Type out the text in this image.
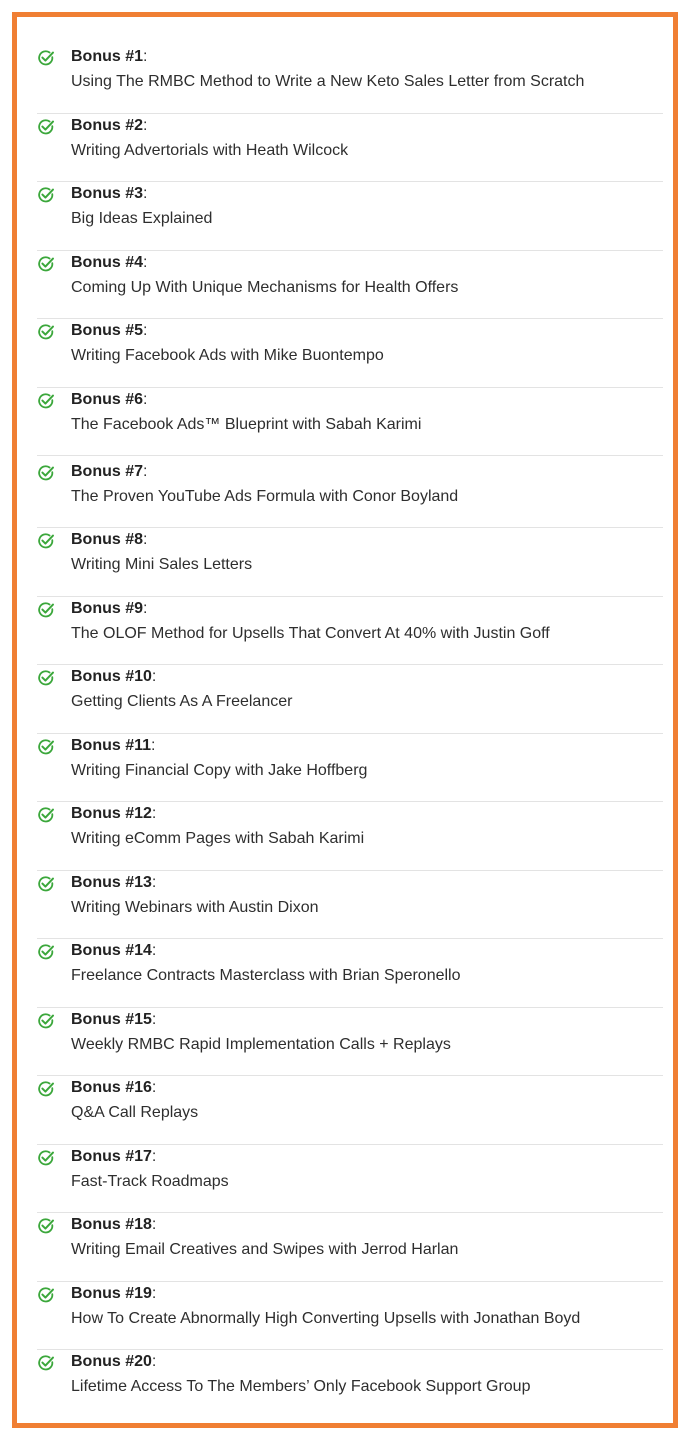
Bonus #1:
Using The RMBC Method to Write a New Keto Sales Letter from Scratch
Bonus #2:
Writing Advertorials with Heath Wilcock
Bonus #3:
Big Ideas Explained
Bonus #4:
Coming Up With Unique Mechanisms for Health Offers
Bonus #5:
Writing Facebook Ads with Mike Buontempo
Bonus #6:
The Facebook Ads™ Blueprint with Sabah Karimi
Bonus #7:
The Proven YouTube Ads Formula with Conor Boyland
Bonus #8:
Writing Mini Sales Letters
Bonus #9:
The OLOF Method for Upsells That Convert At 40% with Justin Goff
Bonus #10:
Getting Clients As A Freelancer
Bonus #11:
Writing Financial Copy with Jake Hoffberg
Bonus #12:
Writing eComm Pages with Sabah Karimi
Bonus #13:
Writing Webinars with Austin Dixon
Bonus #14:
Freelance Contracts Masterclass with Brian Speronello
Bonus #15:
Weekly RMBC Rapid Implementation Calls + Replays
Bonus #16:
Q&A Call Replays
Bonus #17:
Fast-Track Roadmaps
Bonus #18:
Writing Email Creatives and Swipes with Jerrod Harlan
Bonus #19:
How To Create Abnormally High Converting Upsells with Jonathan Boyd
Bonus #20:
Lifetime Access To The Members’ Only Facebook Support Group
